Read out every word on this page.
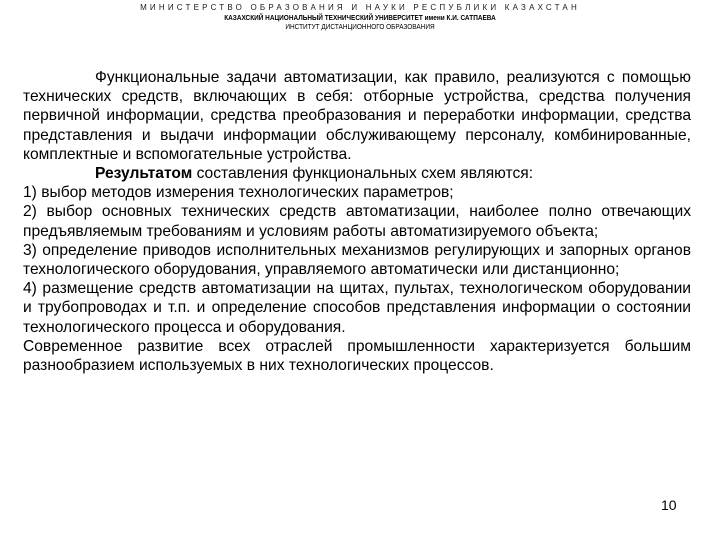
МИНИСТЕРСТВО ОБРАЗОВАНИЯ И НАУКИ РЕСПУБЛИКИ КАЗАХСТАН
КАЗАХСКИЙ НАЦИОНАЛЬНЫЙ ТЕХНИЧЕСКИЙ УНИВЕРСИТЕТ имени К.И. САТПАЕВА
ИНСТИТУТ ДИСТАНЦИОННОГО ОБРАЗОВАНИЯ

Функциональные задачи автоматизации, как правило, реализуются с помощью технических средств, включающих в себя: отборные устройства, средства получения первичной информации, средства преобразования и переработки информации, средства представления и выдачи информации обслуживающему персоналу, комбинированные, комплектные и вспомогательные устройства.

Результатом составления функциональных схем являются:

1) выбор методов измерения технологических параметров;

2) выбор основных технических средств автоматизации, наиболее полно отвечающих предъявляемым требованиям и условиям работы автоматизируемого объекта;

3) определение приводов исполнительных механизмов регулирующих и запорных органов технологического оборудования, управляемого автоматически или дистанционно;

4) размещение средств автоматизации на щитах, пультах, технологическом оборудовании и трубопроводах и т.п. и определение способов представления информации о состоянии технологического процесса и оборудования.

Современное развитие всех отраслей промышленности характеризуется большим разнообразием используемых в них технологических процессов.

10
